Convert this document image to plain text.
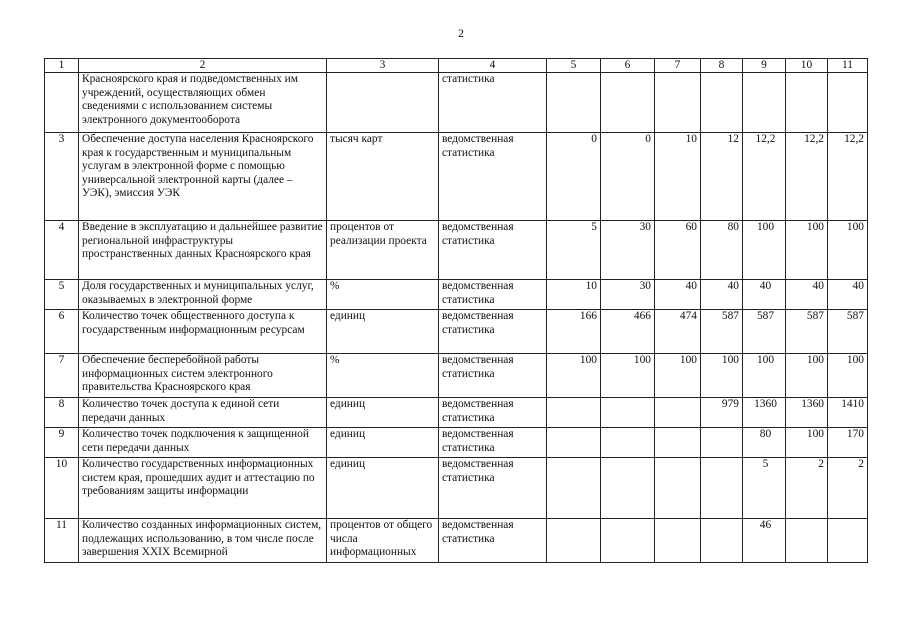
2
1	2	3	4	5	6	7	8	9	10	11
	Красноярского края и подведомственных им учреждений, осуществляющих обмен сведениями с использованием системы электронного документооборота		статистика							
3	Обеспечение доступа населения Красноярского края к государственным и муниципальным услугам в электронной форме с помощью универсальной электронной карты (далее – УЭК), эмиссия УЭК	тысяч карт	ведомственная статистика	0	0	10	12	12,2	12,2	12,2
4	Введение в эксплуатацию и дальнейшее развитие региональной инфраструктуры пространственных данных Красноярского края	процентов от реализации проекта	ведомственная статистика	5	30	60	80	100	100	100
5	Доля государственных и муниципальных услуг, оказываемых в электронной форме	%	ведомственная статистика	10	30	40	40	40	40	40
6	Количество точек общественного доступа к государственным информационным ресурсам	единиц	ведомственная статистика	166	466	474	587	587	587	587
7	Обеспечение бесперебойной работы информационных систем электронного правительства Красноярского края	%	ведомственная статистика	100	100	100	100	100	100	100
8	Количество точек доступа к единой сети передачи данных	единиц	ведомственная статистика				979	1360	1360	1410
9	Количество точек подключения к защищенной сети передачи данных	единиц	ведомственная статистика					80	100	170
10	Количество государственных информационных систем края, прошедших аудит и аттестацию по требованиям защиты информации	единиц	ведомственная статистика					5	2	2
11	Количество созданных информационных систем, подлежащих использованию, в том числе после завершения XXIX Всемирной	процентов от общего числа информационных	ведомственная статистика					46		
